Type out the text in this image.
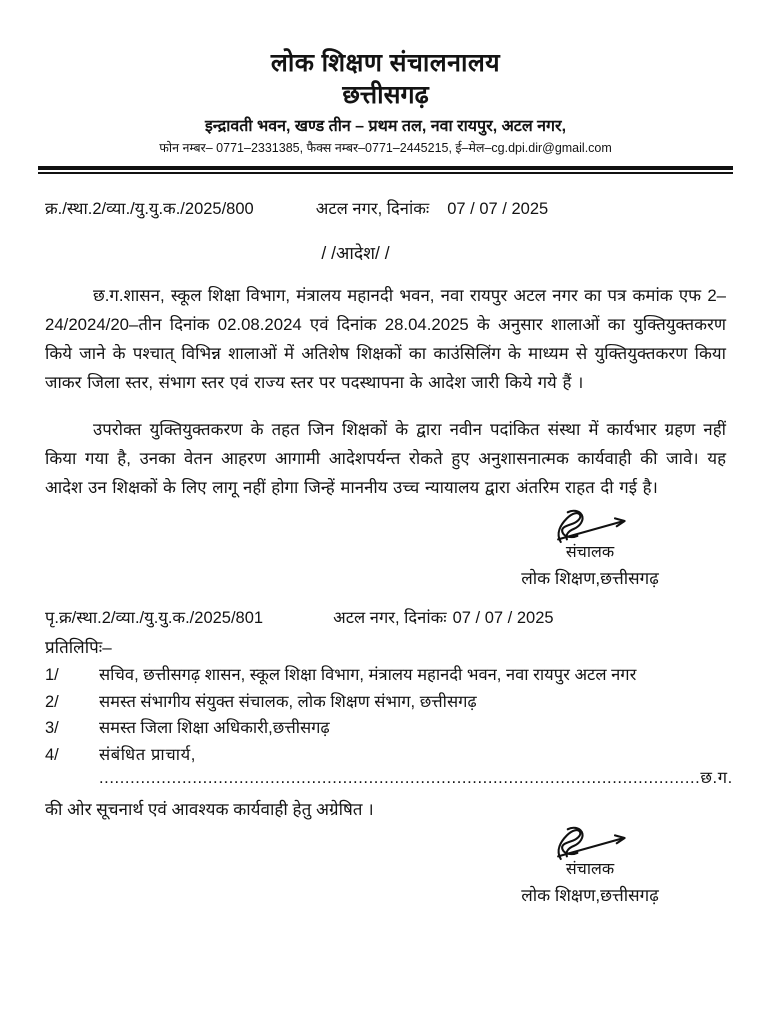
लोक शिक्षण संचालनालय
छत्तीसगढ़
इन्द्रावती भवन, खण्ड तीन – प्रथम तल, नवा रायपुर, अटल नगर,
फोन नम्बर– 0771–2331385, फैक्स नम्बर–0771–2445215, ई–मेल–cg.dpi.dir@gmail.com
क्र./स्था.2/व्या./यु.यु.क./2025/800	अटल नगर, दिनांकः 07 / 07 / 2025
/ /आदेश/ /

छ.ग.शासन, स्कूल शिक्षा विभाग, मंत्रालय महानदी भवन, नवा रायपुर अटल नगर का पत्र कमांक एफ 2–24/2024/20–तीन दिनांक 02.08.2024 एवं दिनांक 28.04.2025 के अनुसार शालाओं का युक्तियुक्तकरण किये जाने के पश्चात् विभिन्न शालाओं में अतिशेष शिक्षकों का काउंसिलिंग के माध्यम से युक्तियुक्तकरण किया जाकर जिला स्तर, संभाग स्तर एवं राज्य स्तर पर पदस्थापना के आदेश जारी किये गये हैं ।

उपरोक्त युक्तियुक्तकरण के तहत जिन शिक्षकों के द्वारा नवीन पदांकित संस्था में कार्यभार ग्रहण नहीं किया गया है, उनका वेतन आहरण आगामी आदेशपर्यन्त रोकते हुए अनुशासनात्मक कार्यवाही की जावे। यह आदेश उन शिक्षकों के लिए लागू नहीं होगा जिन्हें माननीय उच्च न्यायालय द्वारा अंतरिम राहत दी गई है।

संचालक
लोक शिक्षण,छत्तीसगढ़
पृ.क्र/स्था.2/व्या./यु.यु.क./2025/801	अटल नगर, दिनांकः 07 / 07 / 2025
प्रतिलिपिः–
1/	सचिव, छत्तीसगढ़ शासन, स्कूल शिक्षा विभाग, मंत्रालय महानदी भवन, नवा रायपुर अटल नगर
2/	समस्त संभागीय संयुक्त संचालक, लोक शिक्षण संभाग, छत्तीसगढ़
3/	समस्त जिला शिक्षा अधिकारी,छत्तीसगढ़
4/	संबंधित प्राचार्य, ....................................................................................................................छ.ग.
की ओर सूचनार्थ एवं आवश्यक कार्यवाही हेतु अग्रेषित ।
संचालक
लोक शिक्षण,छत्तीसगढ़
